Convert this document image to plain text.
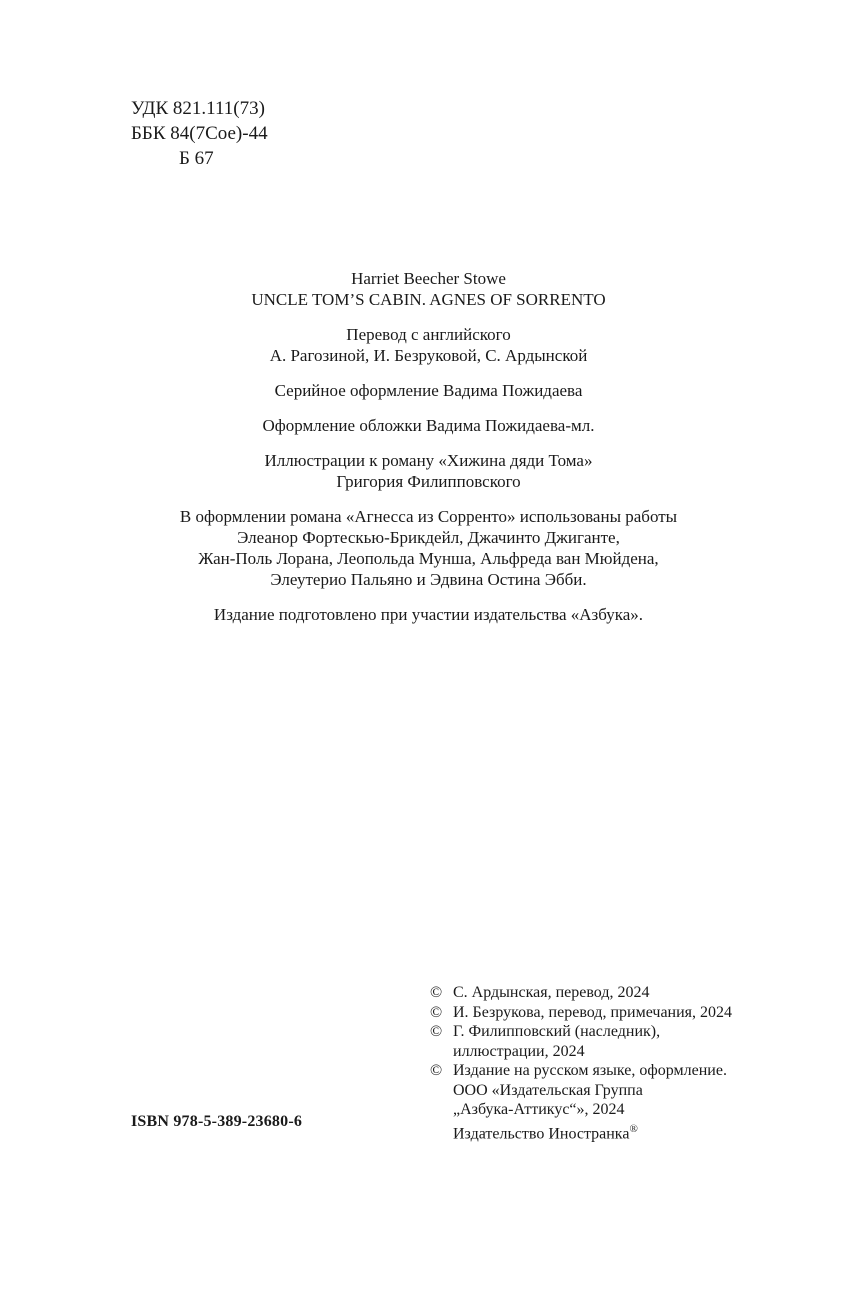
УДК 821.111(73)
ББК 84(7Сое)-44
Б 67
Harriet Beecher Stowe
UNCLE TOM’S CABIN. AGNES OF SORRENTO
Перевод с английского
А. Рагозиной, И. Безруковой, С. Ардынской
Серийное оформление Вадима Пожидаева
Оформление обложки Вадима Пожидаева-мл.
Иллюстрации к роману «Хижина дяди Тома»
Григория Филипповского
В оформлении романа «Агнесса из Сорренто» использованы работы
Элеанор Фортескью-Брикдейл, Джачинто Джиганте,
Жан-Поль Лорана, Леопольда Мунша, Альфреда ван Мюйдена,
Элеутерио Пальяно и Эдвина Остина Эбби.
Издание подготовлено при участии издательства «Азбука».
ISBN 978-5-389-23680-6
© С. Ардынская, перевод, 2024
© И. Безрукова, перевод, примечания, 2024
© Г. Филипповский (наследник),
иллюстрации, 2024
© Издание на русском языке, оформление.
ООО «Издательская Группа
„Азбука-Аттикус“», 2024
Издательство Иностранка®
